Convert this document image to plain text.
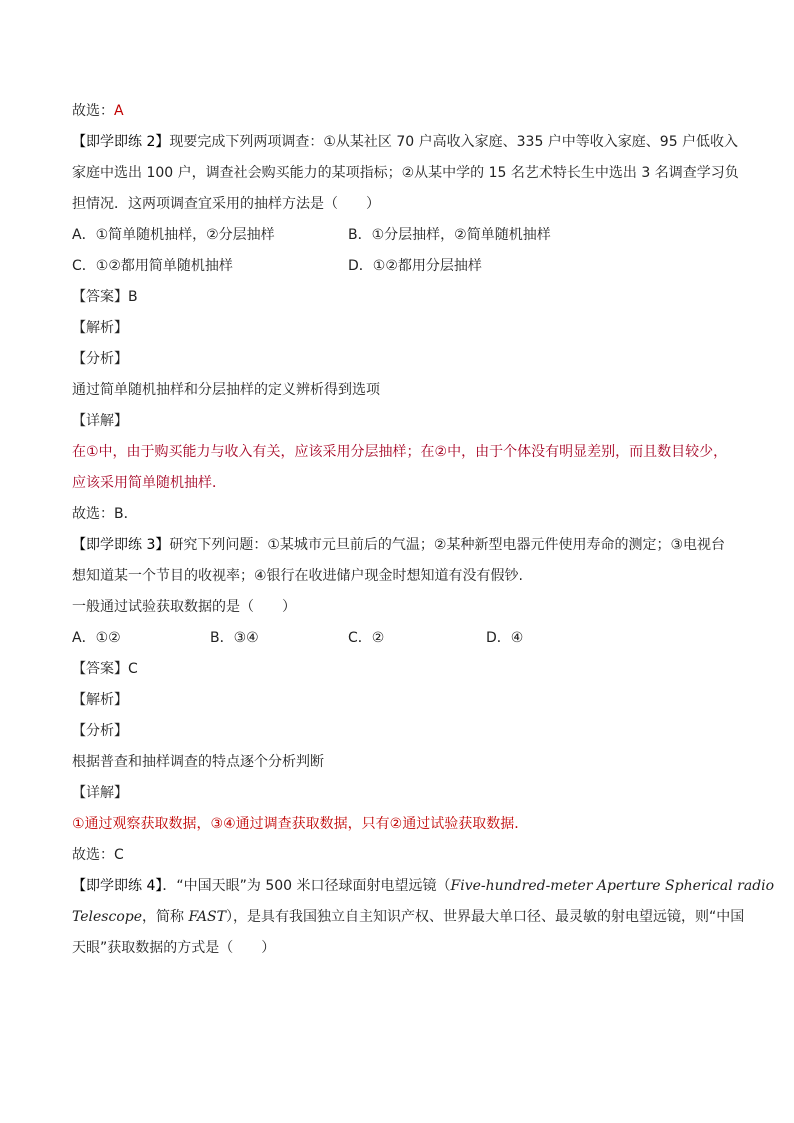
故选：A
【即学即练 2】现要完成下列两项调查：①从某社区 70 户高收入家庭、335 户中等收入家庭、95 户低收入
家庭中选出 100 户，调查社会购买能力的某项指标；②从某中学的 15 名艺术特长生中选出 3 名调查学习负
担情况．这两项调查宜采用的抽样方法是（　　）
A．①简单随机抽样，②分层抽样	B．①分层抽样，②简单随机抽样
C．①②都用简单随机抽样	D．①②都用分层抽样
【答案】B
【解析】
【分析】
通过简单随机抽样和分层抽样的定义辨析得到选项
【详解】
在①中，由于购买能力与收入有关，应该采用分层抽样；在②中，由于个体没有明显差别，而且数目较少，
应该采用简单随机抽样．
故选：B．
【即学即练 3】研究下列问题：①某城市元旦前后的气温；②某种新型电器元件使用寿命的测定；③电视台
想知道某一个节目的收视率；④银行在收进储户现金时想知道有没有假钞.
一般通过试验获取数据的是（　　）
A．①②	B．③④	C．②	D．④
【答案】C
【解析】
【分析】
根据普查和抽样调查的特点逐个分析判断
【详解】
①通过观察获取数据，③④通过调查获取数据，只有②通过试验获取数据.
故选：C
【即学即练 4】．“中国天眼”为 500 米口径球面射电望远镜（Five-hundred-meter Aperture Spherical radio
Telescope，简称 FAST），是具有我国独立自主知识产权、世界最大单口径、最灵敏的射电望远镜，则“中国
天眼”获取数据的方式是（　　）
